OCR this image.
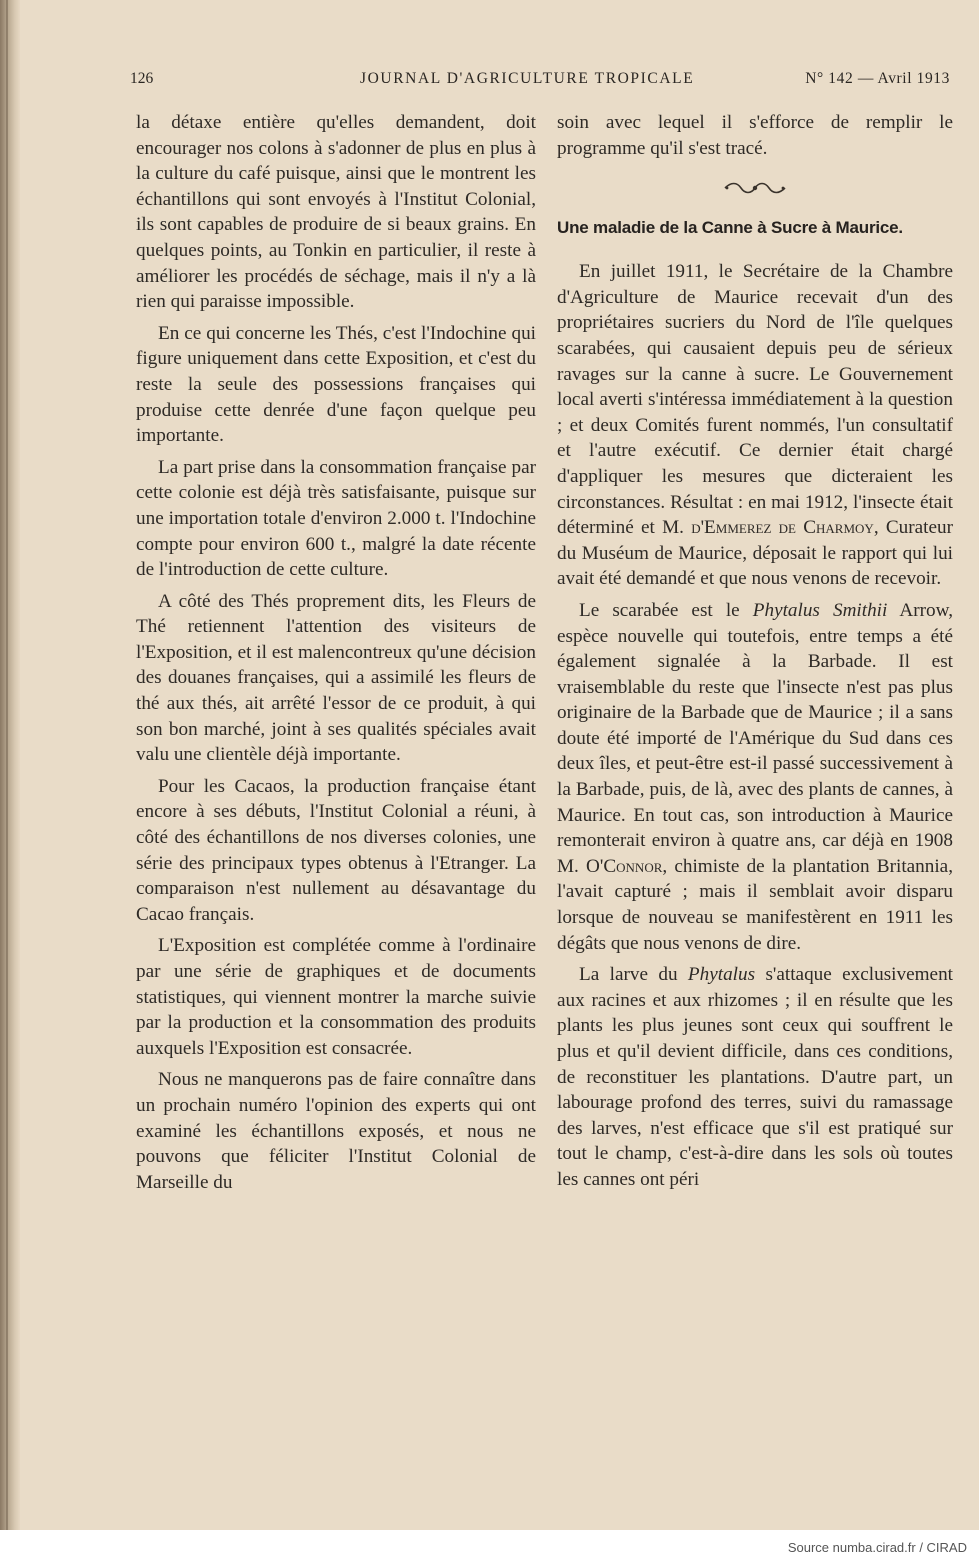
126	JOURNAL D'AGRICULTURE TROPICALE	N° 142 — Avril 1913

la détaxe entière qu'elles demandent, doit encourager nos colons à s'adonner de plus en plus à la culture du café puisque, ainsi que le montrent les échantillons qui sont envoyés à l'Institut Colonial, ils sont capables de produire de si beaux grains. En quelques points, au Tonkin en particulier, il reste à améliorer les procédés de séchage, mais il n'y a là rien qui paraisse impossible.

En ce qui concerne les Thés, c'est l'Indochine qui figure uniquement dans cette Exposition, et c'est du reste la seule des possessions françaises qui produise cette denrée d'une façon quelque peu importante.

La part prise dans la consommation française par cette colonie est déjà très satisfaisante, puisque sur une importation totale d'environ 2.000 t. l'Indochine compte pour environ 600 t., malgré la date récente de l'introduction de cette culture.

A côté des Thés proprement dits, les Fleurs de Thé retiennent l'attention des visiteurs de l'Exposition, et il est malencontreux qu'une décision des douanes françaises, qui a assimilé les fleurs de thé aux thés, ait arrêté l'essor de ce produit, à qui son bon marché, joint à ses qualités spéciales avait valu une clientèle déjà importante.

Pour les Cacaos, la production française étant encore à ses débuts, l'Institut Colonial a réuni, à côté des échantillons de nos diverses colonies, une série des principaux types obtenus à l'Etranger. La comparaison n'est nullement au désavantage du Cacao français.

L'Exposition est complétée comme à l'ordinaire par une série de graphiques et de documents statistiques, qui viennent montrer la marche suivie par la production et la consommation des produits auxquels l'Exposition est consacrée.

Nous ne manquerons pas de faire connaître dans un prochain numéro l'opinion des experts qui ont examiné les échantillons exposés, et nous ne pouvons que féliciter l'Institut Colonial de Marseille du

soin avec lequel il s'efforce de remplir le programme qu'il s'est tracé.

Une maladie de la Canne à Sucre à Maurice.

En juillet 1911, le Secrétaire de la Chambre d'Agriculture de Maurice recevait d'un des propriétaires sucriers du Nord de l'île quelques scarabées, qui causaient depuis peu de sérieux ravages sur la canne à sucre. Le Gouvernement local averti s'intéressa immédiatement à la question ; et deux Comités furent nommés, l'un consultatif et l'autre exécutif. Ce dernier était chargé d'appliquer les mesures que dicteraient les circonstances. Résultat : en mai 1912, l'insecte était déterminé et M. d'Emmerez de Charmoy, Curateur du Muséum de Maurice, déposait le rapport qui lui avait été demandé et que nous venons de recevoir.

Le scarabée est le Phytalus Smithii Arrow, espèce nouvelle qui toutefois, entre temps a été également signalée à la Barbade. Il est vraisemblable du reste que l'insecte n'est pas plus originaire de la Barbade que de Maurice ; il a sans doute été importé de l'Amérique du Sud dans ces deux îles, et peut-être est-il passé successivement à la Barbade, puis, de là, avec des plants de cannes, à Maurice. En tout cas, son introduction à Maurice remonterait environ à quatre ans, car déjà en 1908 M. O'Connor, chimiste de la plantation Britannia, l'avait capturé ; mais il semblait avoir disparu lorsque de nouveau se manifestèrent en 1911 les dégâts que nous venons de dire.

La larve du Phytalus s'attaque exclusivement aux racines et aux rhizomes ; il en résulte que les plants les plus jeunes sont ceux qui souffrent le plus et qu'il devient difficile, dans ces conditions, de reconstituer les plantations. D'autre part, un labourage profond des terres, suivi du ramassage des larves, n'est efficace que s'il est pratiqué sur tout le champ, c'est-à-dire dans les sols où toutes les cannes ont péri

Source numba.cirad.fr / CIRAD
